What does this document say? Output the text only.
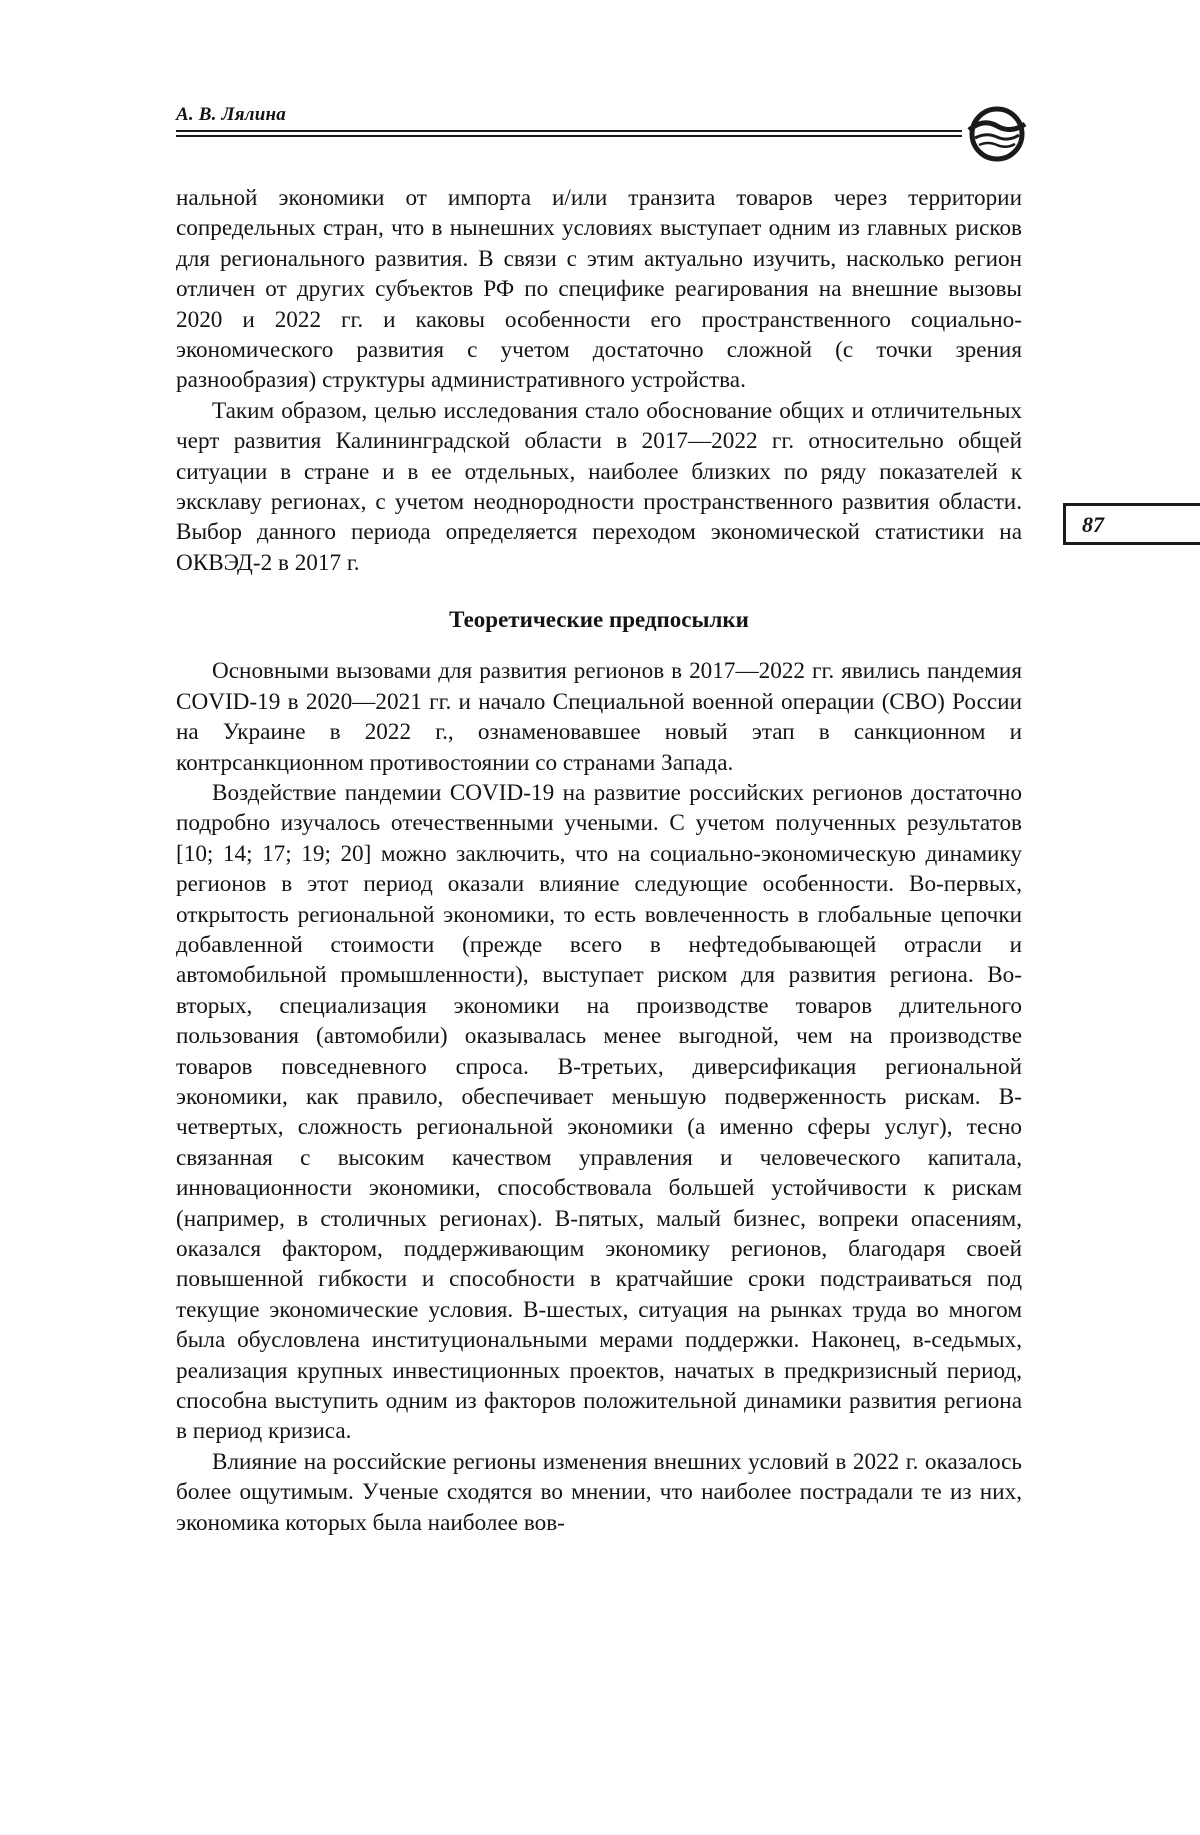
А. В. Лялина
87

нальной экономики от импорта и/или транзита товаров через территории сопредельных стран, что в нынешних условиях выступает одним из главных рисков для регионального развития. В связи с этим актуально изучить, насколько регион отличен от других субъектов РФ по специфике реагирования на внешние вызовы 2020 и 2022 гг. и каковы особенности его пространственного социально-экономического развития с учетом достаточно сложной (с точки зрения разнообразия) структуры административного устройства.

Таким образом, целью исследования стало обоснование общих и отличительных черт развития Калининградской области в 2017—2022 гг. относительно общей ситуации в стране и в ее отдельных, наиболее близких по ряду показателей к эксклаву регионах, с учетом неоднородности пространственного развития области. Выбор данного периода определяется переходом экономической статистики на ОКВЭД-2 в 2017 г.

Теоретические предпосылки

Основными вызовами для развития регионов в 2017—2022 гг. явились пандемия COVID-19 в 2020—2021 гг. и начало Специальной военной операции (СВО) России на Украине в 2022 г., ознаменовавшее новый этап в санкционном и контрсанкционном противостоянии со странами Запада.

Воздействие пандемии COVID-19 на развитие российских регионов достаточно подробно изучалось отечественными учеными. С учетом полученных результатов [10; 14; 17; 19; 20] можно заключить, что на социально-экономическую динамику регионов в этот период оказали влияние следующие особенности. Во-первых, открытость региональной экономики, то есть вовлеченность в глобальные цепочки добавленной стоимости (прежде всего в нефтедобывающей отрасли и автомобильной промышленности), выступает риском для развития региона. Во-вторых, специализация экономики на производстве товаров длительного пользования (автомобили) оказывалась менее выгодной, чем на производстве товаров повседневного спроса. В-третьих, диверсификация региональной экономики, как правило, обеспечивает меньшую подверженность рискам. В-четвертых, сложность региональной экономики (а именно сферы услуг), тесно связанная с высоким качеством управления и человеческого капитала, инновационности экономики, способствовала большей устойчивости к рискам (например, в столичных регионах). В-пятых, малый бизнес, вопреки опасениям, оказался фактором, поддерживающим экономику регионов, благодаря своей повышенной гибкости и способности в кратчайшие сроки подстраиваться под текущие экономические условия. В-шестых, ситуация на рынках труда во многом была обусловлена институциональными мерами поддержки. Наконец, в-седьмых, реализация крупных инвестиционных проектов, начатых в предкризисный период, способна выступить одним из факторов положительной динамики развития региона в период кризиса.

Влияние на российские регионы изменения внешних условий в 2022 г. оказалось более ощутимым. Ученые сходятся во мнении, что наиболее пострадали те из них, экономика которых была наиболее вов-
